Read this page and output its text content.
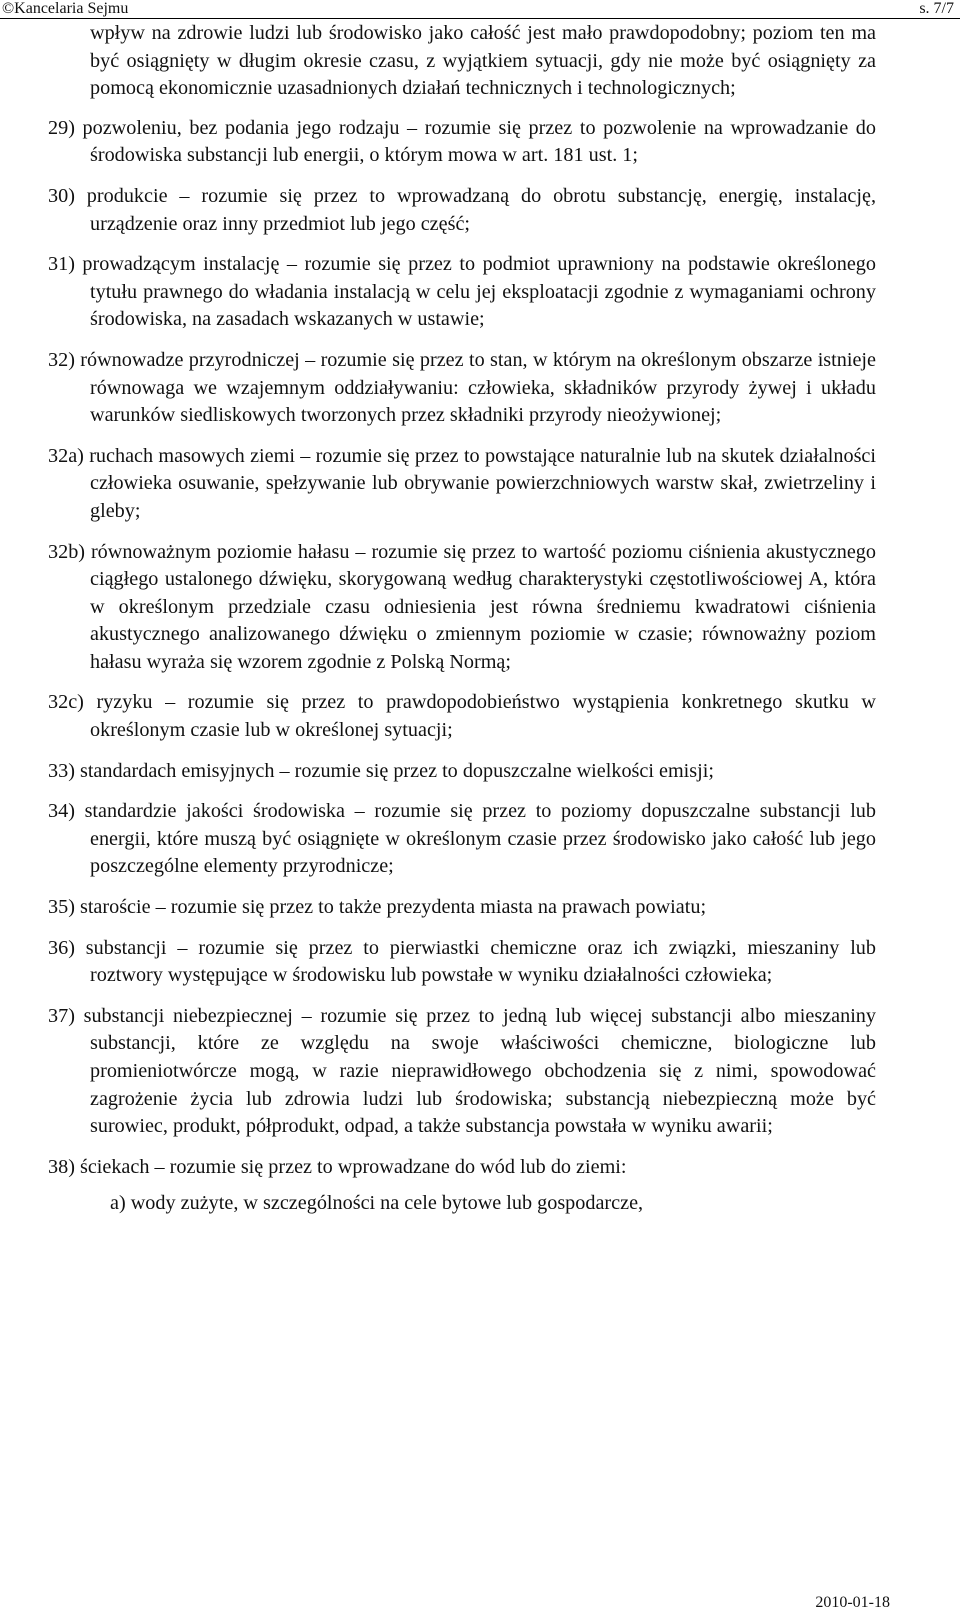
©Kancelaria Sejmu	s. 7/7

wpływ na zdrowie ludzi lub środowisko jako całość jest mało prawdopodobny; poziom ten ma być osiągnięty w długim okresie czasu, z wyjątkiem sytuacji, gdy nie może być osiągnięty za pomocą ekonomicznie uzasadnionych działań technicznych i technologicznych;

29) pozwoleniu, bez podania jego rodzaju – rozumie się przez to pozwolenie na wprowadzanie do środowiska substancji lub energii, o którym mowa w art. 181 ust. 1;

30) produkcie – rozumie się przez to wprowadzaną do obrotu substancję, energię, instalację, urządzenie oraz inny przedmiot lub jego część;

31) prowadzącym instalację – rozumie się przez to podmiot uprawniony na podstawie określonego tytułu prawnego do władania instalacją w celu jej eksploatacji zgodnie z wymaganiami ochrony środowiska, na zasadach wskazanych w ustawie;

32) równowadze przyrodniczej – rozumie się przez to stan, w którym na określonym obszarze istnieje równowaga we wzajemnym oddziaływaniu: człowieka, składników przyrody żywej i układu warunków siedliskowych tworzonych przez składniki przyrody nieożywionej;

32a) ruchach masowych ziemi – rozumie się przez to powstające naturalnie lub na skutek działalności człowieka osuwanie, spełzywanie lub obrywanie powierzchniowych warstw skał, zwietrzeliny i gleby;

32b) równoważnym poziomie hałasu – rozumie się przez to wartość poziomu ciśnienia akustycznego ciągłego ustalonego dźwięku, skorygowaną według charakterystyki częstotliwościowej A, która w określonym przedziale czasu odniesienia jest równa średniemu kwadratowi ciśnienia akustycznego analizowanego dźwięku o zmiennym poziomie w czasie; równoważny poziom hałasu wyraża się wzorem zgodnie z Polską Normą;

32c) ryzyku – rozumie się przez to prawdopodobieństwo wystąpienia konkretnego skutku w określonym czasie lub w określonej sytuacji;

33) standardach emisyjnych – rozumie się przez to dopuszczalne wielkości emisji;

34) standardzie jakości środowiska – rozumie się przez to poziomy dopuszczalne substancji lub energii, które muszą być osiągnięte w określonym czasie przez środowisko jako całość lub jego poszczególne elementy przyrodnicze;

35) staroście – rozumie się przez to także prezydenta miasta na prawach powiatu;

36) substancji – rozumie się przez to pierwiastki chemiczne oraz ich związki, mieszaniny lub roztwory występujące w środowisku lub powstałe w wyniku działalności człowieka;

37) substancji niebezpiecznej – rozumie się przez to jedną lub więcej substancji albo mieszaniny substancji, które ze względu na swoje właściwości chemiczne, biologiczne lub promieniotwórcze mogą, w razie nieprawidłowego obchodzenia się z nimi, spowodować zagrożenie życia lub zdrowia ludzi lub środowiska; substancją niebezpieczną może być surowiec, produkt, półprodukt, odpad, a także substancja powstała w wyniku awarii;

38) ściekach – rozumie się przez to wprowadzane do wód lub do ziemi:

a) wody zużyte, w szczególności na cele bytowe lub gospodarcze,

2010-01-18
